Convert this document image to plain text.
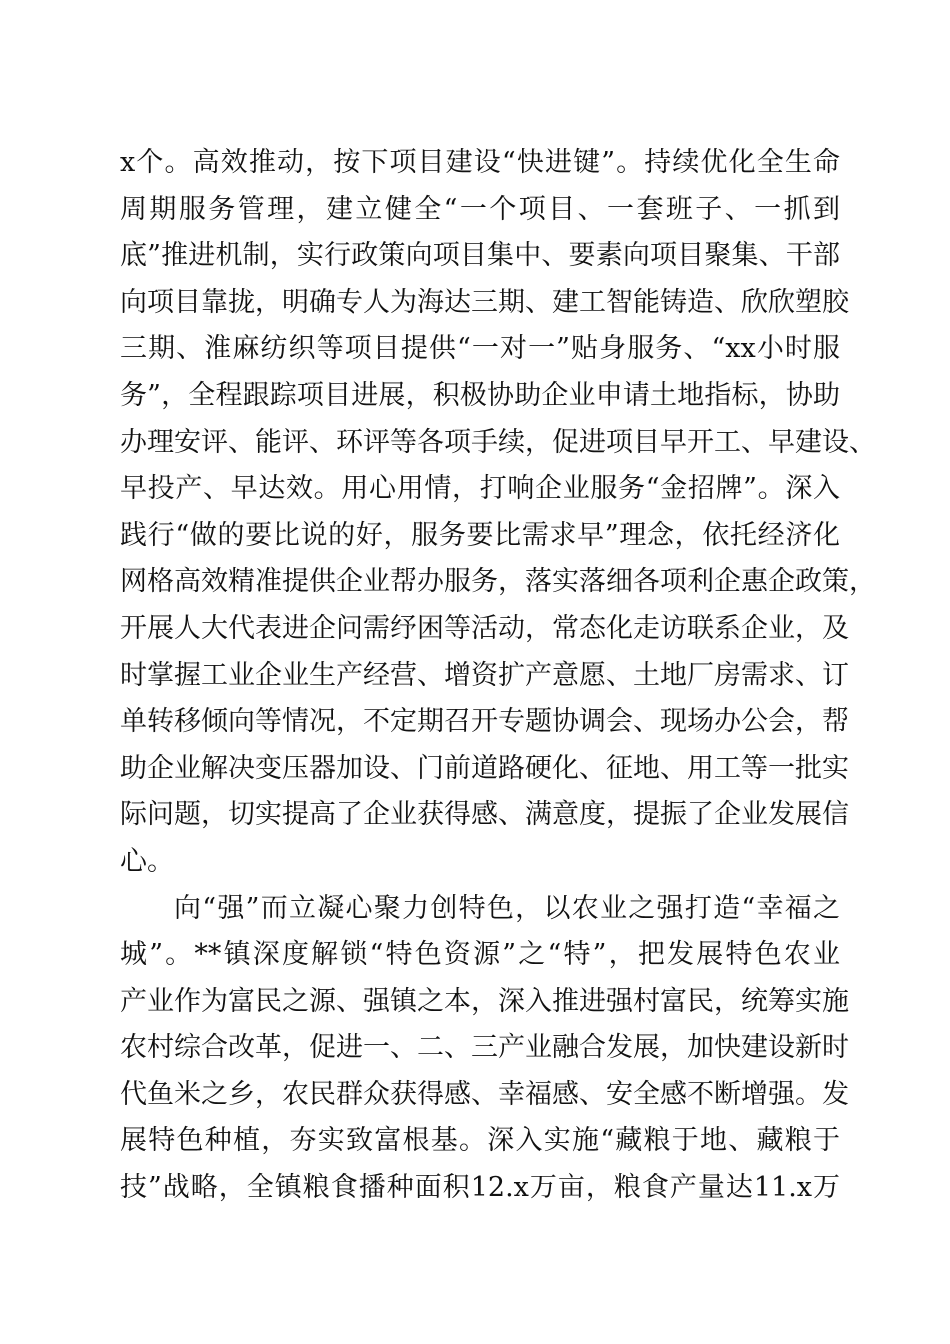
x个。高效推动，按下项目建设“快进键”。持续优化全生命
周期服务管理，建立健全“一个项目、一套班子、一抓到
底”推进机制，实行政策向项目集中、要素向项目聚集、干部
向项目靠拢，明确专人为海达三期、建工智能铸造、欣欣塑胶
三期、淮麻纺织等项目提供“一对一”贴身服务、“xx小时服
务”，全程跟踪项目进展，积极协助企业申请土地指标，协助
办理安评、能评、环评等各项手续，促进项目早开工、早建设、
早投产、早达效。用心用情，打响企业服务“金招牌”。深入
践行“做的要比说的好，服务要比需求早”理念，依托经济化
网格高效精准提供企业帮办服务，落实落细各项利企惠企政策，
开展人大代表进企问需纾困等活动，常态化走访联系企业，及
时掌握工业企业生产经营、增资扩产意愿、土地厂房需求、订
单转移倾向等情况，不定期召开专题协调会、现场办公会，帮
助企业解决变压器加设、门前道路硬化、征地、用工等一批实
际问题，切实提高了企业获得感、满意度，提振了企业发展信
心。
向“强”而立凝心聚力创特色，以农业之强打造“幸福之
城”。**镇深度解锁“特色资源”之“特”，把发展特色农业
产业作为富民之源、强镇之本，深入推进强村富民，统筹实施
农村综合改革，促进一、二、三产业融合发展，加快建设新时
代鱼米之乡，农民群众获得感、幸福感、安全感不断增强。发
展特色种植，夯实致富根基。深入实施“藏粮于地、藏粮于
技”战略，全镇粮食播种面积12.x万亩，粮食产量达11.x万
